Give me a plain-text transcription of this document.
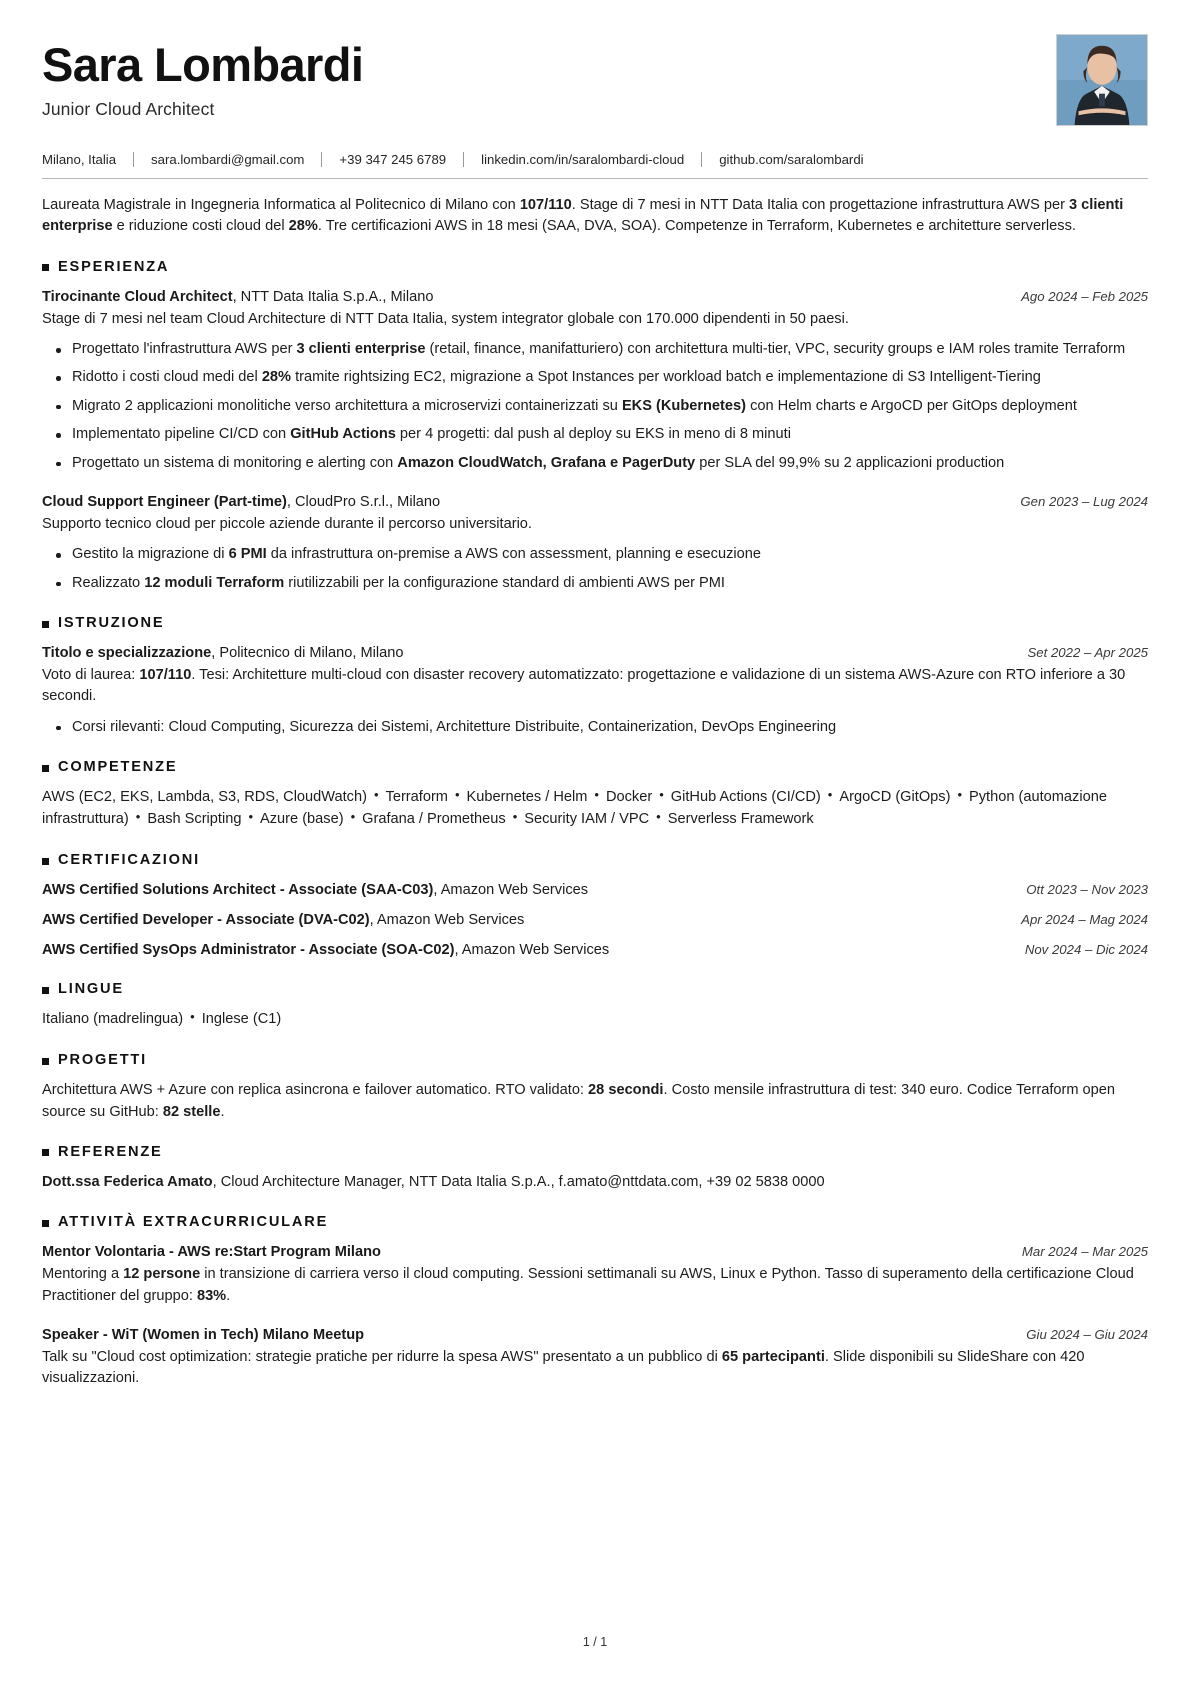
Sara Lombardi
Junior Cloud Architect
Milano, Italia	sara.lombardi@gmail.com	+39 347 245 6789	linkedin.com/in/saralombardi-cloud	github.com/saralombardi
Laureata Magistrale in Ingegneria Informatica al Politecnico di Milano con 107/110. Stage di 7 mesi in NTT Data Italia con progettazione infrastruttura AWS per 3 clienti enterprise e riduzione costi cloud del 28%. Tre certificazioni AWS in 18 mesi (SAA, DVA, SOA). Competenze in Terraform, Kubernetes e architetture serverless.
ESPERIENZA
Tirocinante Cloud Architect, NTT Data Italia S.p.A., Milano	Ago 2024 – Feb 2025
Stage di 7 mesi nel team Cloud Architecture di NTT Data Italia, system integrator globale con 170.000 dipendenti in 50 paesi.
Progettato l'infrastruttura AWS per 3 clienti enterprise (retail, finance, manifatturiero) con architettura multi-tier, VPC, security groups e IAM roles tramite Terraform
Ridotto i costi cloud medi del 28% tramite rightsizing EC2, migrazione a Spot Instances per workload batch e implementazione di S3 Intelligent-Tiering
Migrato 2 applicazioni monolitiche verso architettura a microservizi containerizzati su EKS (Kubernetes) con Helm charts e ArgoCD per GitOps deployment
Implementato pipeline CI/CD con GitHub Actions per 4 progetti: dal push al deploy su EKS in meno di 8 minuti
Progettato un sistema di monitoring e alerting con Amazon CloudWatch, Grafana e PagerDuty per SLA del 99,9% su 2 applicazioni production
Cloud Support Engineer (Part-time), CloudPro S.r.l., Milano	Gen 2023 – Lug 2024
Supporto tecnico cloud per piccole aziende durante il percorso universitario.
Gestito la migrazione di 6 PMI da infrastruttura on-premise a AWS con assessment, planning e esecuzione
Realizzato 12 moduli Terraform riutilizzabili per la configurazione standard di ambienti AWS per PMI
ISTRUZIONE
Titolo e specializzazione, Politecnico di Milano, Milano	Set 2022 – Apr 2025
Voto di laurea: 107/110. Tesi: Architetture multi-cloud con disaster recovery automatizzato: progettazione e validazione di un sistema AWS-Azure con RTO inferiore a 30 secondi.
Corsi rilevanti: Cloud Computing, Sicurezza dei Sistemi, Architetture Distribuite, Containerization, DevOps Engineering
COMPETENZE
AWS (EC2, EKS, Lambda, S3, RDS, CloudWatch) • Terraform • Kubernetes / Helm • Docker • GitHub Actions (CI/CD) • ArgoCD (GitOps) • Python (automazione infrastruttura) • Bash Scripting • Azure (base) • Grafana / Prometheus • Security IAM / VPC • Serverless Framework
CERTIFICAZIONI
AWS Certified Solutions Architect - Associate (SAA-C03), Amazon Web Services	Ott 2023 – Nov 2023
AWS Certified Developer - Associate (DVA-C02), Amazon Web Services	Apr 2024 – Mag 2024
AWS Certified SysOps Administrator - Associate (SOA-C02), Amazon Web Services	Nov 2024 – Dic 2024
LINGUE
Italiano (madrelingua) • Inglese (C1)
PROGETTI
Architettura AWS + Azure con replica asincrona e failover automatico. RTO validato: 28 secondi. Costo mensile infrastruttura di test: 340 euro. Codice Terraform open source su GitHub: 82 stelle.
REFERENZE
Dott.ssa Federica Amato, Cloud Architecture Manager, NTT Data Italia S.p.A., f.amato@nttdata.com, +39 02 5838 0000
ATTIVITÀ EXTRACURRICULARE
Mentor Volontaria - AWS re:Start Program Milano	Mar 2024 – Mar 2025
Mentoring a 12 persone in transizione di carriera verso il cloud computing. Sessioni settimanali su AWS, Linux e Python. Tasso di superamento della certificazione Cloud Practitioner del gruppo: 83%.
Speaker - WiT (Women in Tech) Milano Meetup	Giu 2024 – Giu 2024
Talk su "Cloud cost optimization: strategie pratiche per ridurre la spesa AWS" presentato a un pubblico di 65 partecipanti. Slide disponibili su SlideShare con 420 visualizzazioni.
1 / 1
